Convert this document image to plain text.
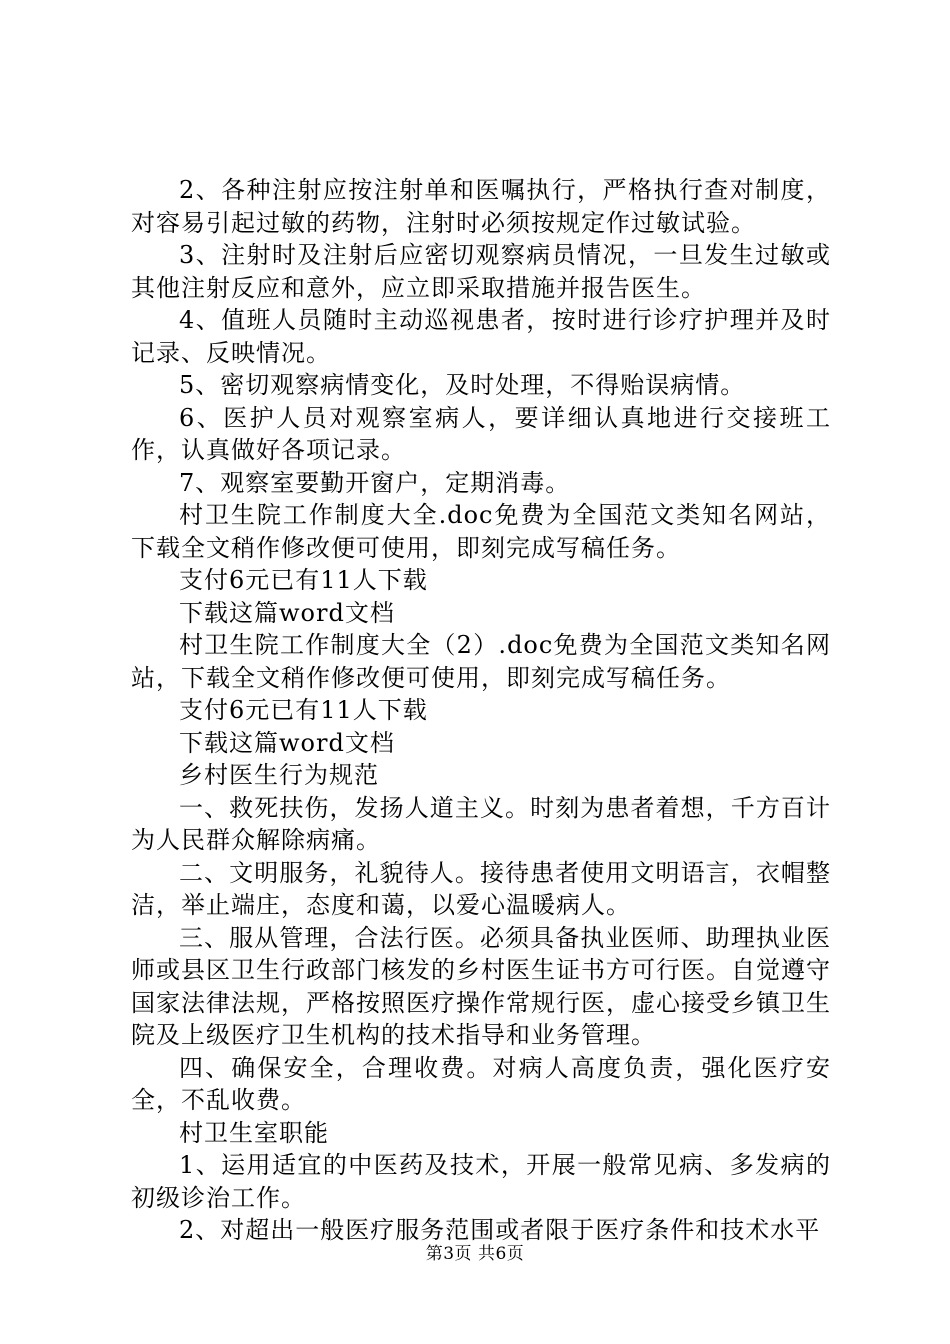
2、各种注射应按注射单和医嘱执行，严格执行查对制度，对容易引起过敏的药物，注射时必须按规定作过敏试验。

3、注射时及注射后应密切观察病员情况，一旦发生过敏或其他注射反应和意外，应立即采取措施并报告医生。

4、值班人员随时主动巡视患者，按时进行诊疗护理并及时记录、反映情况。

5、密切观察病情变化，及时处理，不得贻误病情。

6、医护人员对观察室病人，要详细认真地进行交接班工作，认真做好各项记录。

7、观察室要勤开窗户，定期消毒。

村卫生院工作制度大全.doc免费为全国范文类知名网站，下载全文稍作修改便可使用，即刻完成写稿任务。

支付6元已有11人下载

下载这篇word文档

村卫生院工作制度大全（2）.doc免费为全国范文类知名网站，下载全文稍作修改便可使用，即刻完成写稿任务。

支付6元已有11人下载

下载这篇word文档

乡村医生行为规范

一、救死扶伤，发扬人道主义。时刻为患者着想，千方百计为人民群众解除病痛。

二、文明服务，礼貌待人。接待患者使用文明语言，衣帽整洁，举止端庄，态度和蔼，以爱心温暖病人。

三、服从管理，合法行医。必须具备执业医师、助理执业医师或县区卫生行政部门核发的乡村医生证书方可行医。自觉遵守国家法律法规，严格按照医疗操作常规行医，虚心接受乡镇卫生院及上级医疗卫生机构的技术指导和业务管理。

四、确保安全，合理收费。对病人高度负责，强化医疗安全，不乱收费。

村卫生室职能

1、运用适宜的中医药及技术，开展一般常见病、多发病的初级诊治工作。

2、对超出一般医疗服务范围或者限于医疗条件和技术水平

第3页 共6页
